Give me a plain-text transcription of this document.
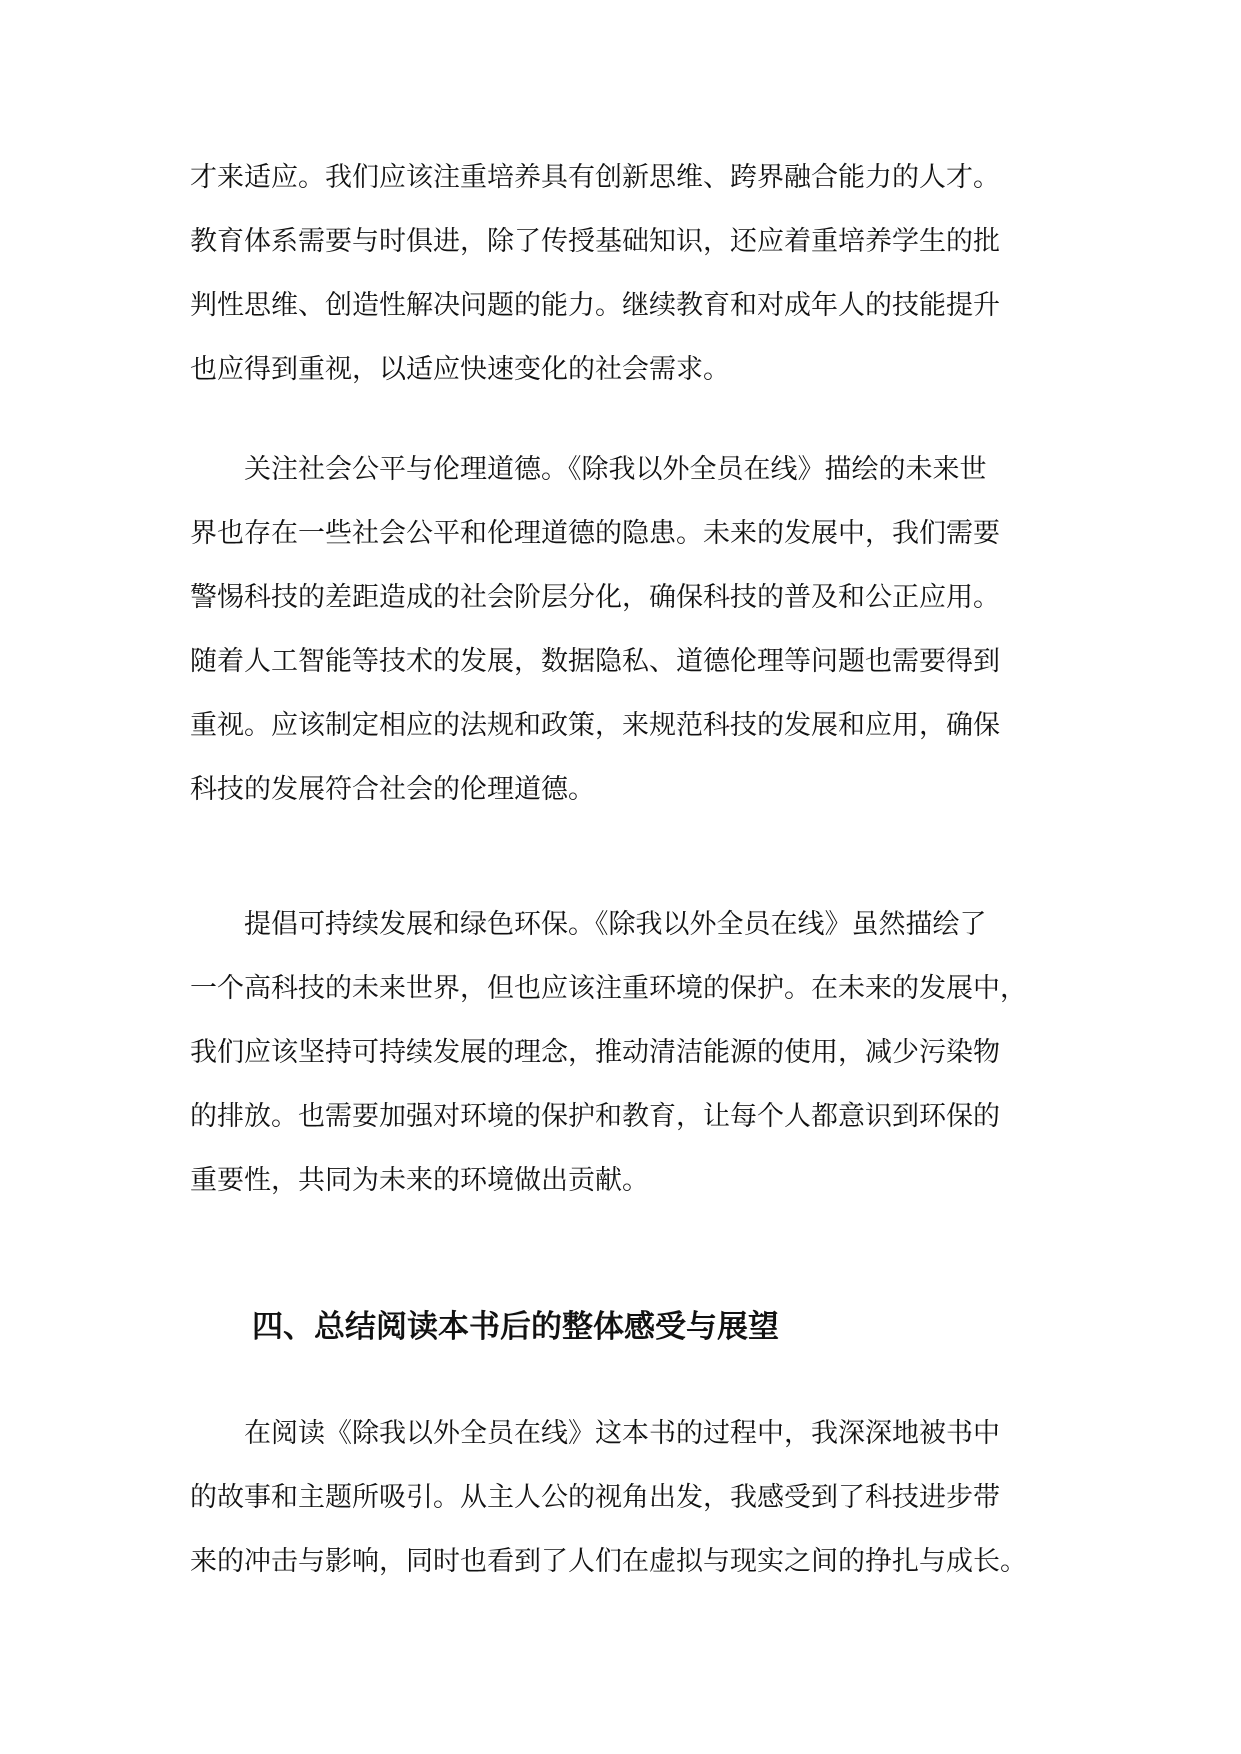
才来适应。我们应该注重培养具有创新思维、跨界融合能力的人才。
教育体系需要与时俱进，除了传授基础知识，还应着重培养学生的批
判性思维、创造性解决问题的能力。继续教育和对成年人的技能提升
也应得到重视，以适应快速变化的社会需求。
　　关注社会公平与伦理道德。《除我以外全员在线》描绘的未来世
界也存在一些社会公平和伦理道德的隐患。未来的发展中，我们需要
警惕科技的差距造成的社会阶层分化，确保科技的普及和公正应用。
随着人工智能等技术的发展，数据隐私、道德伦理等问题也需要得到
重视。应该制定相应的法规和政策，来规范科技的发展和应用，确保
科技的发展符合社会的伦理道德。
　　提倡可持续发展和绿色环保。《除我以外全员在线》虽然描绘了
一个高科技的未来世界，但也应该注重环境的保护。在未来的发展中，
我们应该坚持可持续发展的理念，推动清洁能源的使用，减少污染物
的排放。也需要加强对环境的保护和教育，让每个人都意识到环保的
重要性，共同为未来的环境做出贡献。
四、总结阅读本书后的整体感受与展望
　　在阅读《除我以外全员在线》这本书的过程中，我深深地被书中
的故事和主题所吸引。从主人公的视角出发，我感受到了科技进步带
来的冲击与影响，同时也看到了人们在虚拟与现实之间的挣扎与成长。
